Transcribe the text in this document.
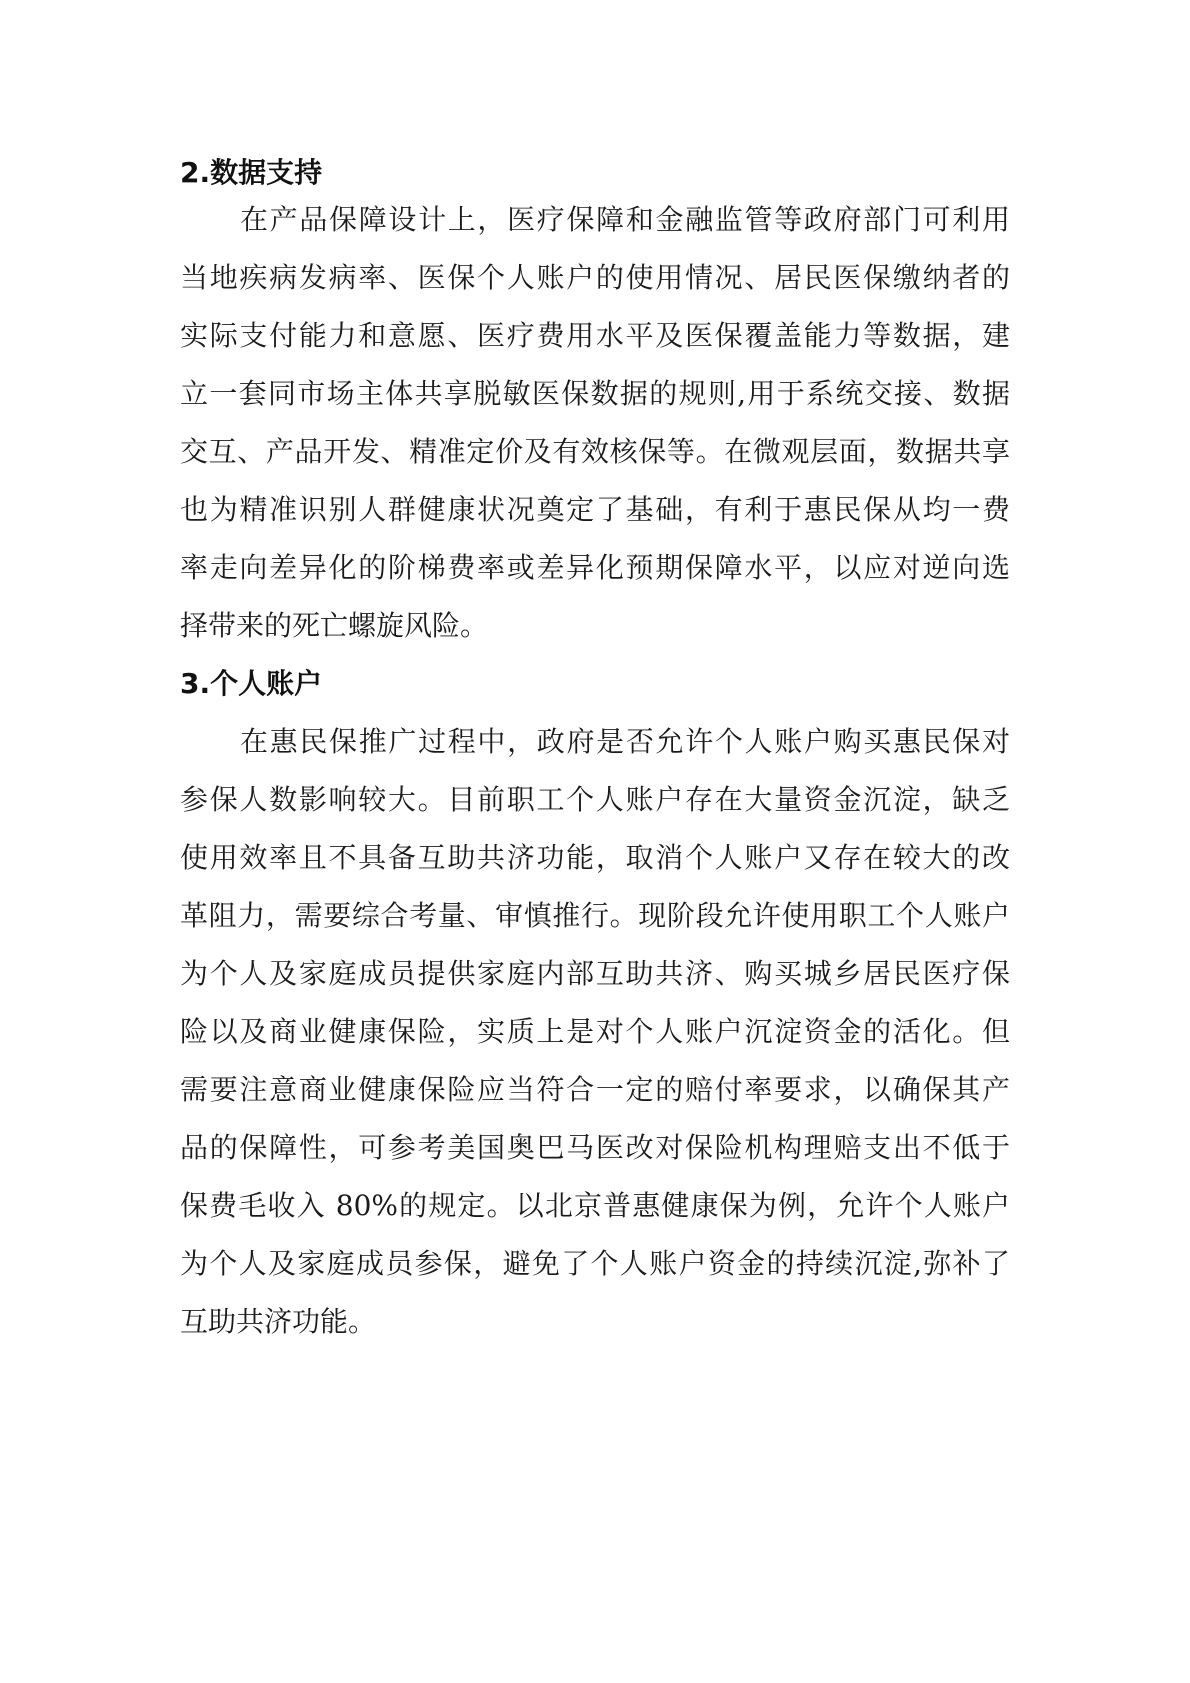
2.数据支持
在产品保障设计上，医疗保障和金融监管等政府部门可利用
当地疾病发病率、医保个人账户的使用情况、居民医保缴纳者的
实际支付能力和意愿、医疗费用水平及医保覆盖能力等数据，建
立一套同市场主体共享脱敏医保数据的规则,用于系统交接、数据
交互、产品开发、精准定价及有效核保等。在微观层面，数据共享
也为精准识别人群健康状况奠定了基础，有利于惠民保从均一费
率走向差异化的阶梯费率或差异化预期保障水平，以应对逆向选
择带来的死亡螺旋风险。
3.个人账户
在惠民保推广过程中，政府是否允许个人账户购买惠民保对
参保人数影响较大。目前职工个人账户存在大量资金沉淀，缺乏
使用效率且不具备互助共济功能，取消个人账户又存在较大的改
革阻力，需要综合考量、审慎推行。现阶段允许使用职工个人账户
为个人及家庭成员提供家庭内部互助共济、购买城乡居民医疗保
险以及商业健康保险，实质上是对个人账户沉淀资金的活化。但
需要注意商业健康保险应当符合一定的赔付率要求，以确保其产
品的保障性，可参考美国奥巴马医改对保险机构理赔支出不低于
保费毛收入 80%的规定。以北京普惠健康保为例，允许个人账户
为个人及家庭成员参保，避免了个人账户资金的持续沉淀,弥补了
互助共济功能。
